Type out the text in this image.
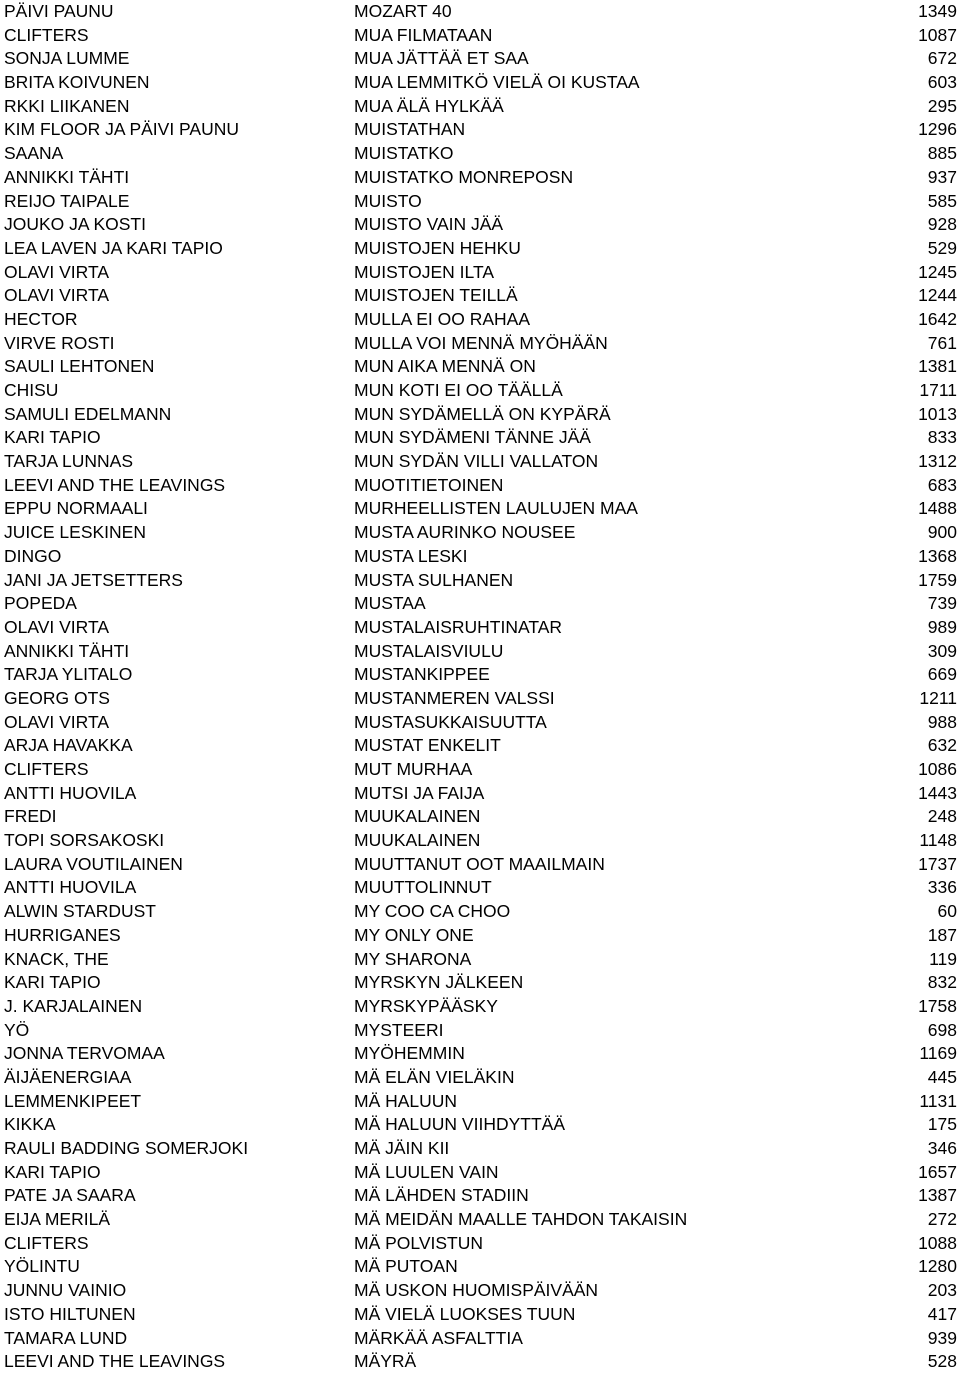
PÄIVI PAUNU	MOZART 40	1349
CLIFTERS	MUA FILMATAAN	1087
SONJA LUMME	MUA JÄTTÄÄ ET SAA	672
BRITA KOIVUNEN	MUA LEMMITKÖ VIELÄ OI KUSTAA	603
RKKI LIIKANEN	MUA ÄLÄ HYLKÄÄ	295
KIM FLOOR JA PÄIVI PAUNU	MUISTATHAN	1296
SAANA	MUISTATKO	885
ANNIKKI TÄHTI	MUISTATKO MONREPOSN	937
REIJO TAIPALE	MUISTO	585
JOUKO JA KOSTI	MUISTO VAIN JÄÄ	928
LEA LAVEN JA KARI TAPIO	MUISTOJEN HEHKU	529
OLAVI VIRTA	MUISTOJEN ILTA	1245
OLAVI VIRTA	MUISTOJEN TEILLÄ	1244
HECTOR	MULLA EI OO RAHAA	1642
VIRVE ROSTI	MULLA VOI MENNÄ MYÖHÄÄN	761
SAULI LEHTONEN	MUN AIKA MENNÄ ON	1381
CHISU	MUN KOTI EI OO TÄÄLLÄ	1711
SAMULI EDELMANN	MUN SYDÄMELLÄ ON KYPÄRÄ	1013
KARI TAPIO	MUN SYDÄMENI TÄNNE JÄÄ	833
TARJA LUNNAS	MUN SYDÄN VILLI VALLATON	1312
LEEVI AND THE LEAVINGS	MUOTITIETOINEN	683
EPPU NORMAALI	MURHEELLISTEN LAULUJEN MAA	1488
JUICE LESKINEN	MUSTA AURINKO NOUSEE	900
DINGO	MUSTA LESKI	1368
JANI JA JETSETTERS	MUSTA SULHANEN	1759
POPEDA	MUSTAA	739
OLAVI VIRTA	MUSTALAISRUHTINATAR	989
ANNIKKI TÄHTI	MUSTALAISVIULU	309
TARJA YLITALO	MUSTANKIPPEE	669
GEORG OTS	MUSTANMEREN VALSSI	1211
OLAVI VIRTA	MUSTASUKKAISUUTTA	988
ARJA HAVAKKA	MUSTAT ENKELIT	632
CLIFTERS	MUT MURHAA	1086
ANTTI HUOVILA	MUTSI JA FAIJA	1443
FREDI	MUUKALAINEN	248
TOPI SORSAKOSKI	MUUKALAINEN	1148
LAURA VOUTILAINEN	MUUTTANUT OOT MAAILMAIN	1737
ANTTI HUOVILA	MUUTTOLINNUT	336
ALWIN STARDUST	MY COO CA CHOO	60
HURRIGANES	MY ONLY ONE	187
KNACK, THE	MY SHARONA	119
KARI TAPIO	MYRSKYN JÄLKEEN	832
J. KARJALAINEN	MYRSKYPÄÄSKY	1758
YÖ	MYSTEERI	698
JONNA TERVOMAA	MYÖHEMMIN	1169
ÄIJÄENERGIAA	MÄ ELÄN VIELÄKIN	445
LEMMENKIPEET	MÄ HALUUN	1131
KIKKA	MÄ HALUUN VIIHDYTTÄÄ	175
RAULI BADDING SOMERJOKI	MÄ JÄIN KII	346
KARI TAPIO	MÄ LUULEN VAIN	1657
PATE JA SAARA	MÄ LÄHDEN STADIIN	1387
EIJA MERILÄ	MÄ MEIDÄN MAALLE TAHDON TAKAISIN	272
CLIFTERS	MÄ POLVISTUN	1088
YÖLINTU	MÄ PUTOAN	1280
JUNNU VAINIO	MÄ USKON HUOMISPÄIVÄÄN	203
ISTO HILTUNEN	MÄ VIELÄ LUOKSES TUUN	417
TAMARA LUND	MÄRKÄÄ ASFALTTIA	939
LEEVI AND THE LEAVINGS	MÄYRÄ	528
